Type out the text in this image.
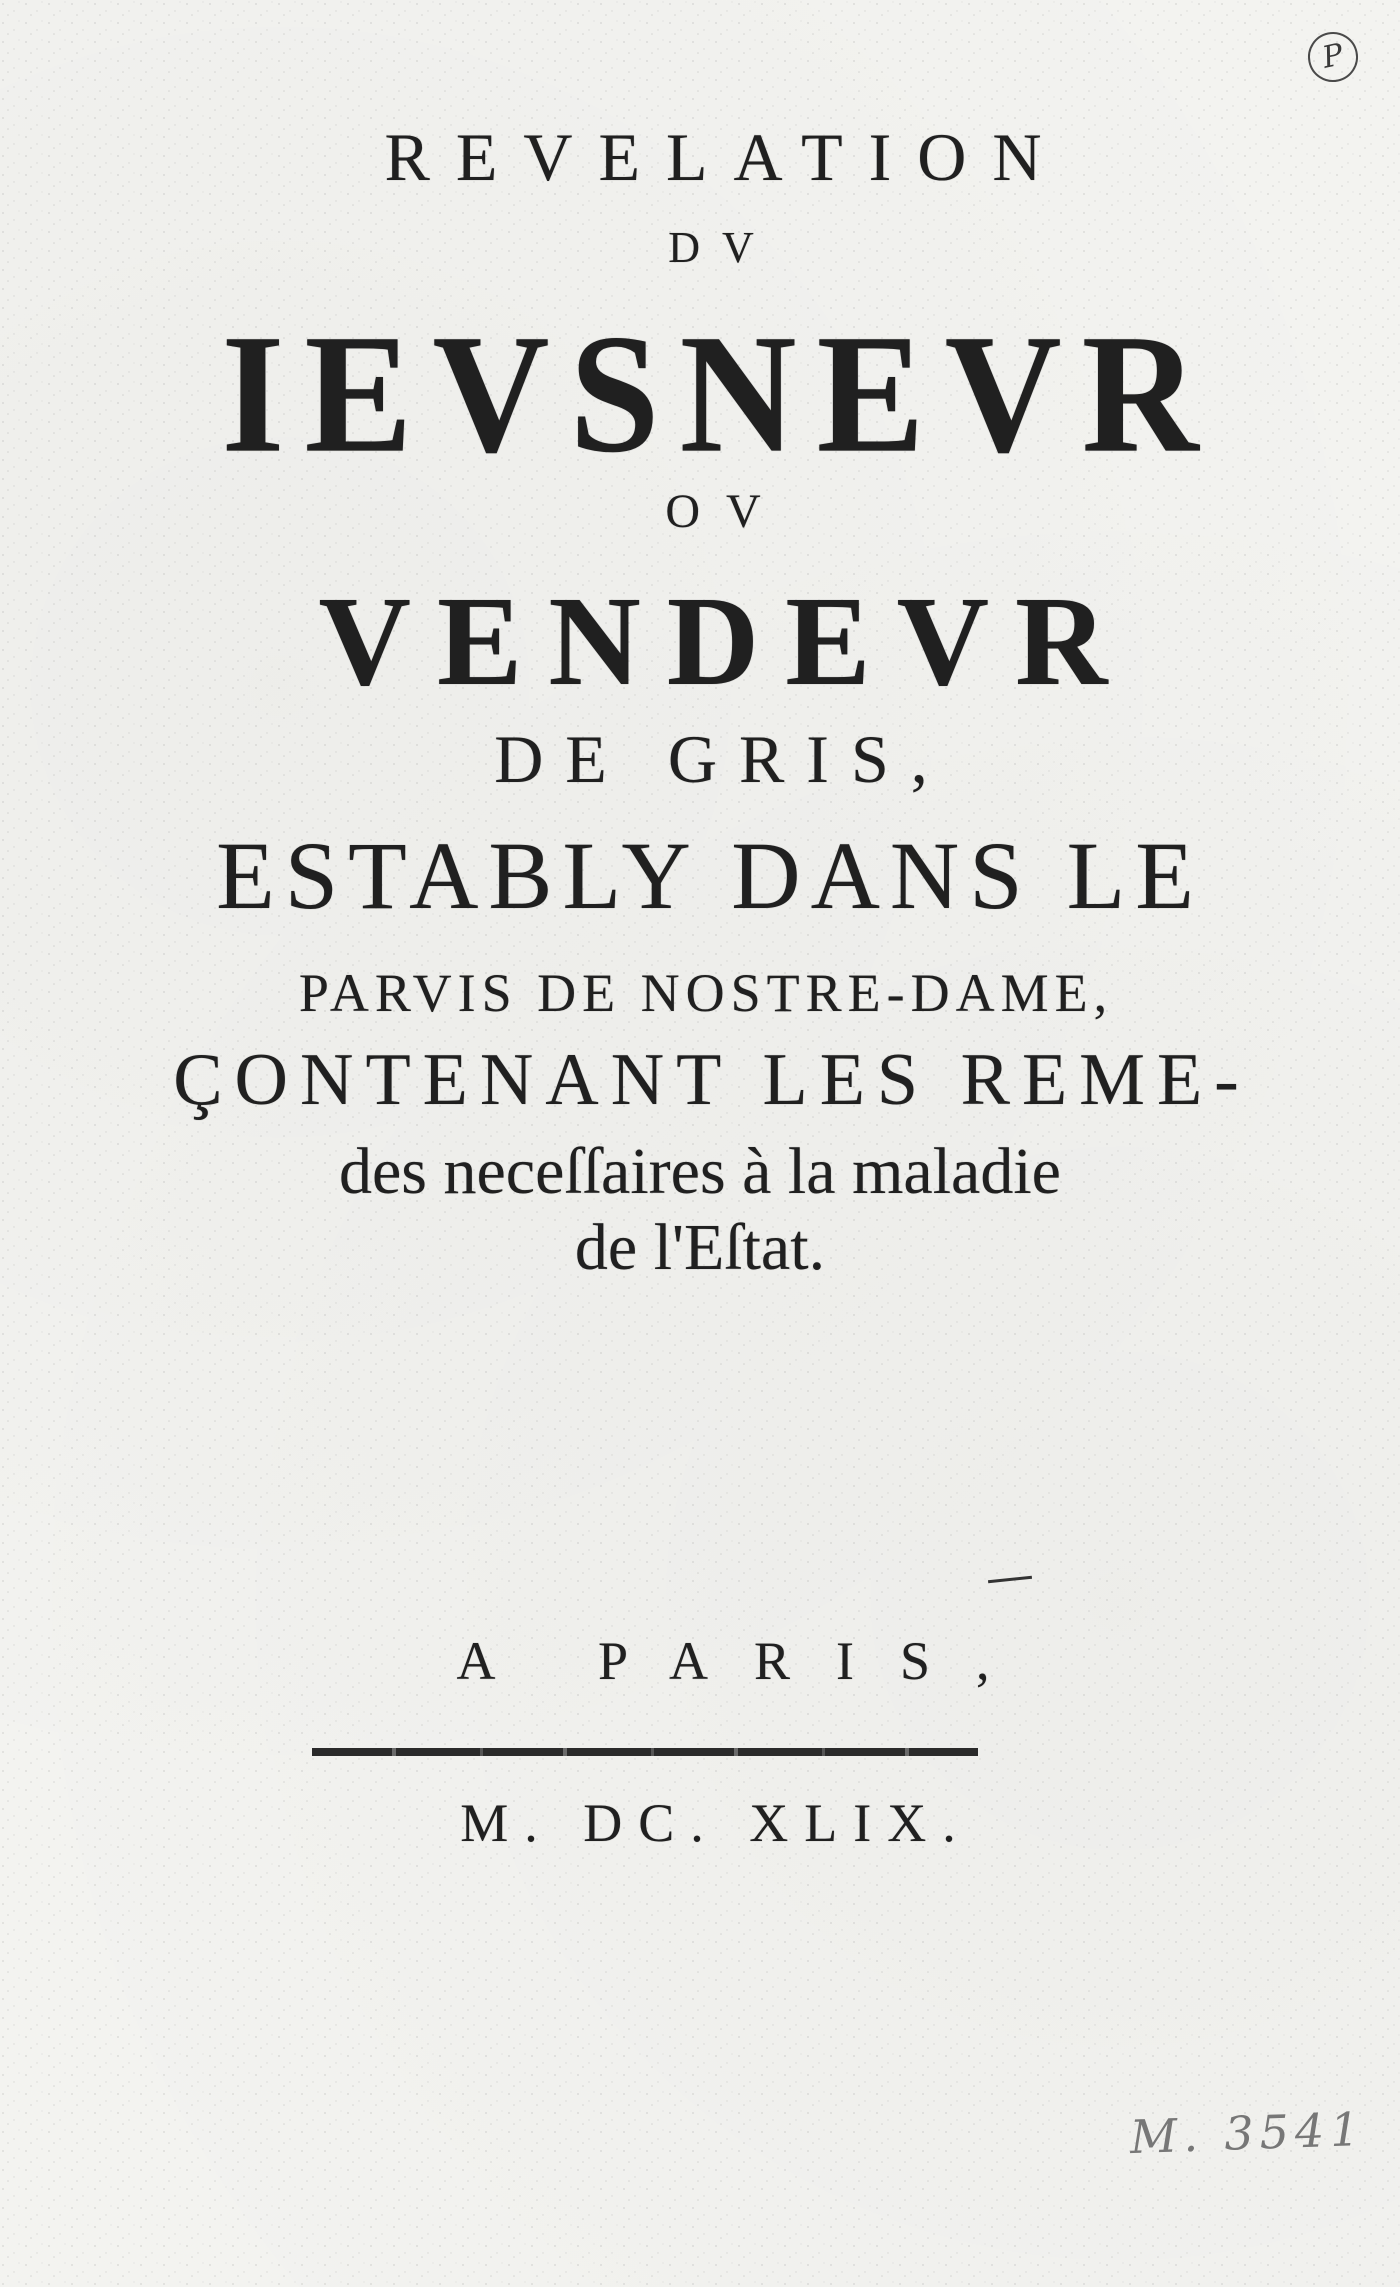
P
REVELATION
DV
IEVSNEVR
OV
VENDEVR
DE GRIS,
ESTABLY DANS LE
PARVIS DE NOSTRE-DAME,
ÇONTENANT LES REME-
des neceſſaires à la maladie
de l'Eſtat.
A PARIS,
M. DC. XLIX.
M. 3541
